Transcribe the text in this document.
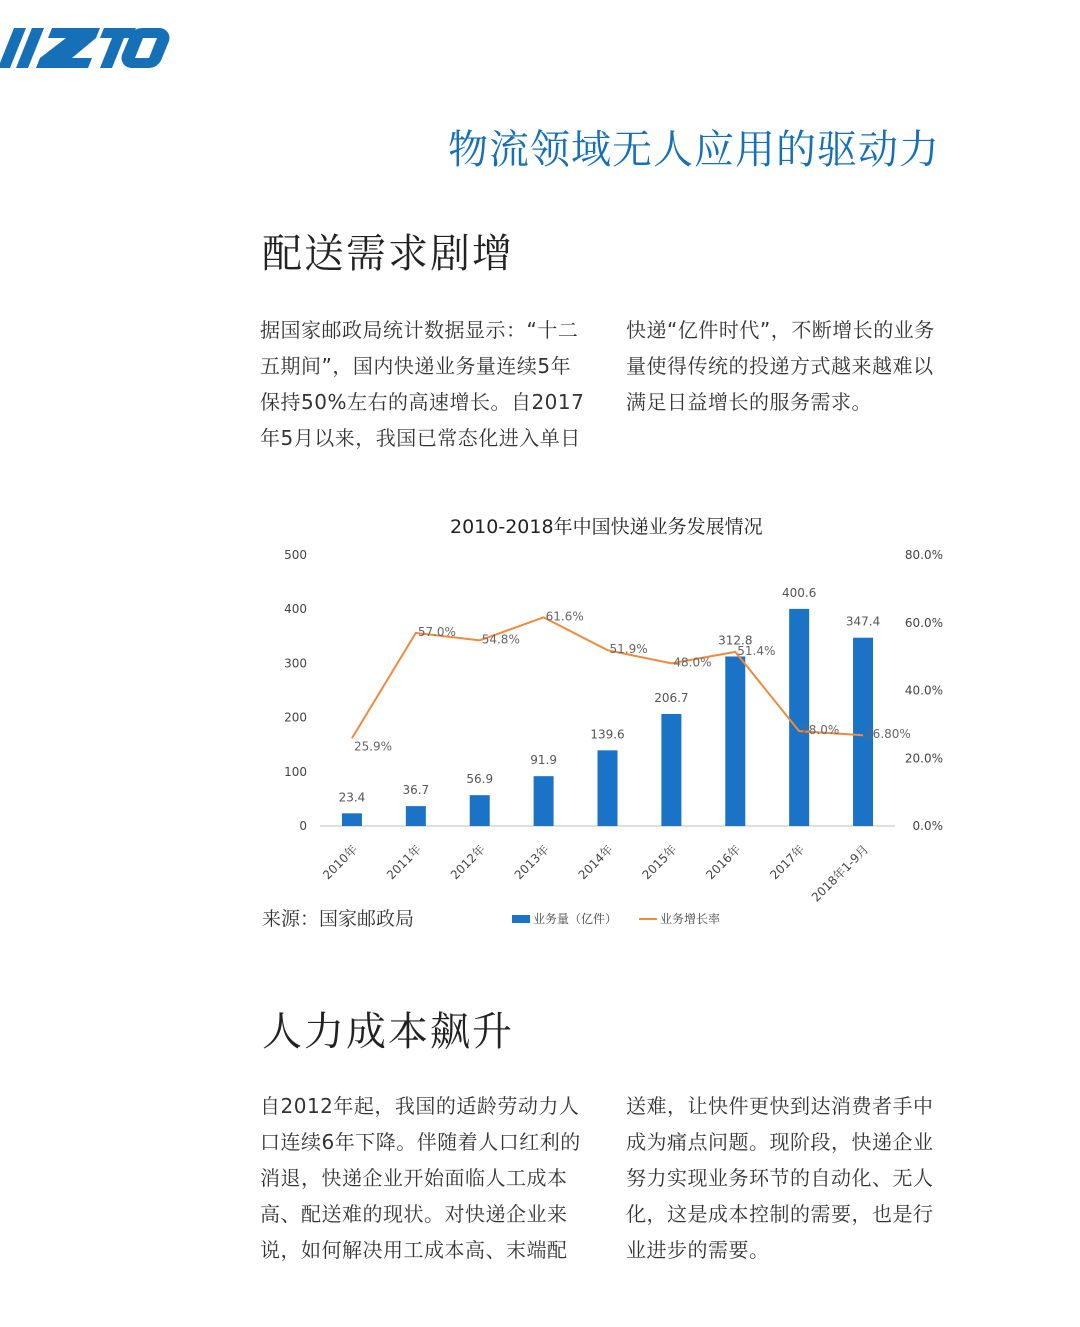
物流领域无人应用的驱动力
配送需求剧增

据国家邮政局统计数据显示：“十二
五期间”，国内快递业务量连续5年
保持50%左右的高速增长。自2017
年5月以来，我国已常态化进入单日

快递“亿件时代”，不断增长的业务
量使得传统的投递方式越来越难以
满足日益增长的服务需求。

2010-2018年中国快递业务发展情况
0
100
200
300
400
500
0.0%
20.0%
40.0%
60.0%
80.0%
23.4
36.7
56.9
91.9
139.6
206.7
312.8
400.6
347.4
25.9%
57.0%
54.8%
61.6%
51.9%
48.0%
51.4%
28.0% 26.80%
2010年 2011年 2012年 2013年 2014年 2015年 2016年 2017年 2018年1-9月
来源：国家邮政局	业务量（亿件）	业务增长率
人力成本飙升

自2012年起，我国的适龄劳动力人
口连续6年下降。伴随着人口红利的
消退，快递企业开始面临人工成本
高、配送难的现状。对快递企业来
说，如何解决用工成本高、末端配

送难，让快件更快到达消费者手中
成为痛点问题。现阶段，快递企业
努力实现业务环节的自动化、无人
化，这是成本控制的需要，也是行
业进步的需要。
